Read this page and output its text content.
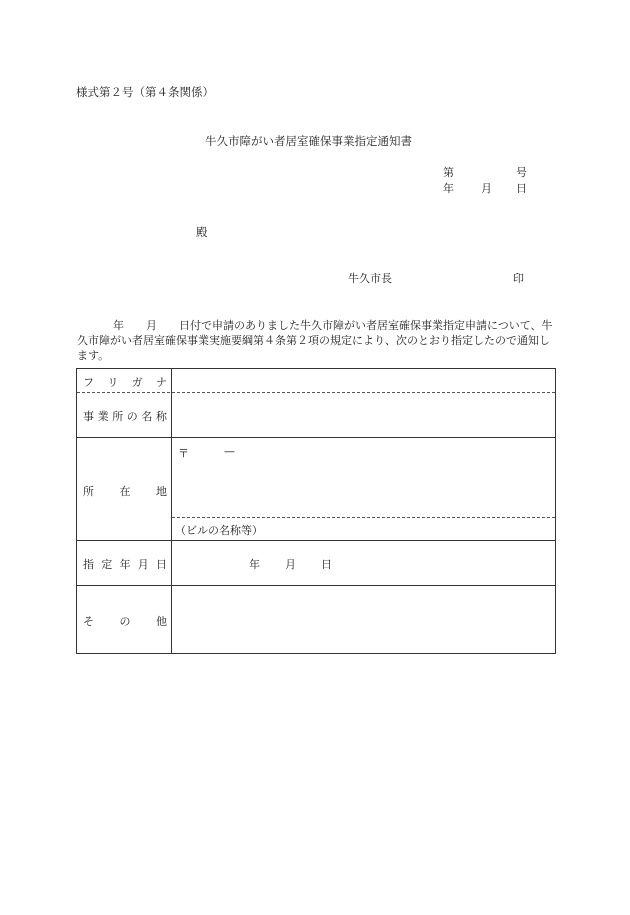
様式第２号（第４条関係）
牛久市障がい者居室確保事業指定通知書
第	号
年 月 日
殿
牛久市長	印
年　　月　　日付で申請のありました牛久市障がい者居室確保事業指定申請について、牛久市障がい者居室確保事業実施要綱第４条第２項の規定により、次のとおり指定したので通知します。
フ リ ガ ナ
事 業 所 の 名 称
所 在 地
〒	—
（ビルの名称等）
指 定 年 月 日	年 月 日
そ の 他
